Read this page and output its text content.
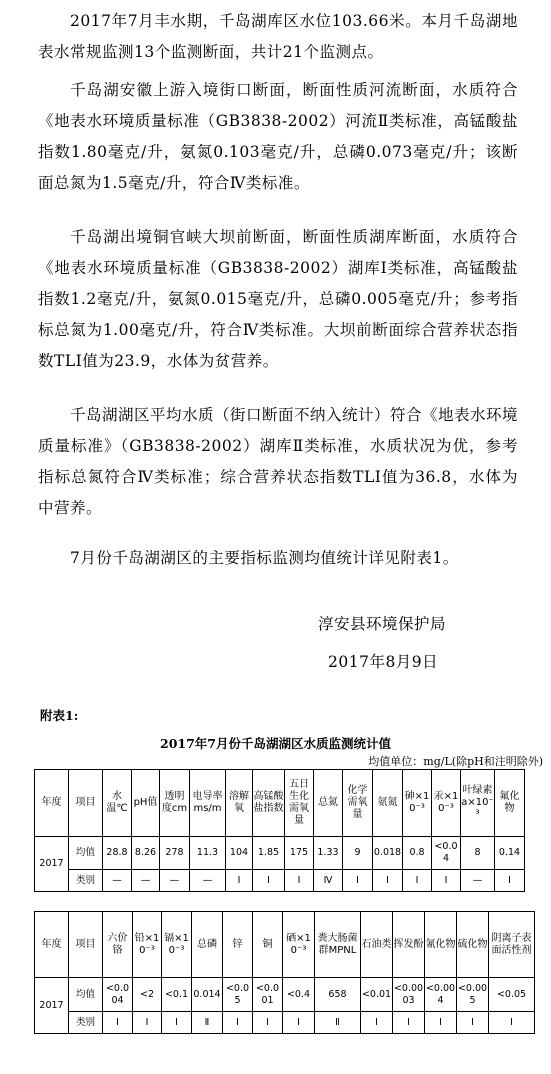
2017年7月丰水期，千岛湖库区水位103.66米。本月千岛湖地表水常规监测13个监测断面，共计21个监测点。

千岛湖安徽上游入境街口断面，断面性质河流断面，水质符合《地表水环境质量标准（GB3838-2002）河流Ⅱ类标准，高锰酸盐指数1.80毫克/升，氨氮0.103毫克/升，总磷0.073毫克/升；该断面总氮为1.5毫克/升，符合Ⅳ类标准。

千岛湖出境铜官峡大坝前断面，断面性质湖库断面，水质符合《地表水环境质量标准（GB3838-2002）湖库Ⅰ类标准，高锰酸盐指数1.2毫克/升，氨氮0.015毫克/升，总磷0.005毫克/升；参考指标总氮为1.00毫克/升，符合Ⅳ类标准。大坝前断面综合营养状态指数TLI值为23.9，水体为贫营养。

千岛湖湖区平均水质（街口断面不纳入统计）符合《地表水环境质量标准》（GB3838-2002）湖库Ⅱ类标准，水质状况为优，参考指标总氮符合Ⅳ类标准；综合营养状态指数TLI值为36.8，水体为中营养。

7月份千岛湖湖区的主要指标监测均值统计详见附表1。

淳安县环境保护局
2017年8月9日
附表1:
2017年7月份千岛湖湖区水质监测统计值
均值单位：mg/L(除pH和注明除外)
年度	项目	水温℃	pH值	透明度cm	电导率ms/m	溶解氧	高锰酸盐指数	五日生化需氧量	总氮	化学需氧量	氨氮	砷×10⁻³	汞×10⁻³	叶绿素a×10⁻³	氟化物
2017	均值	28.8	8.26	278	11.3	104	1.85	175	1.33	9	0.018	0.8	<0.04	8	0.14
	类别	—	—	—	—	Ⅰ	Ⅰ	Ⅰ	Ⅳ	Ⅰ	Ⅰ	Ⅰ	Ⅰ	—	Ⅰ
年度	项目	六价铬	铅×10⁻³	镉×10⁻³	总磷	锌	铜	硒×10⁻³	粪大肠菌群MPNL	石油类	挥发酚	氰化物	硫化物	阴离子表面活性剂
2017	均值	<0.004	<2	<0.1	0.014	<0.05	<0.001	<0.4	658	<0.01	<0.0003	<0.004	<0.005	<0.05
	类别	Ⅰ	Ⅰ	Ⅰ	Ⅱ	Ⅰ	Ⅰ	Ⅰ	Ⅱ	Ⅰ	Ⅰ	Ⅰ	Ⅰ	Ⅰ
